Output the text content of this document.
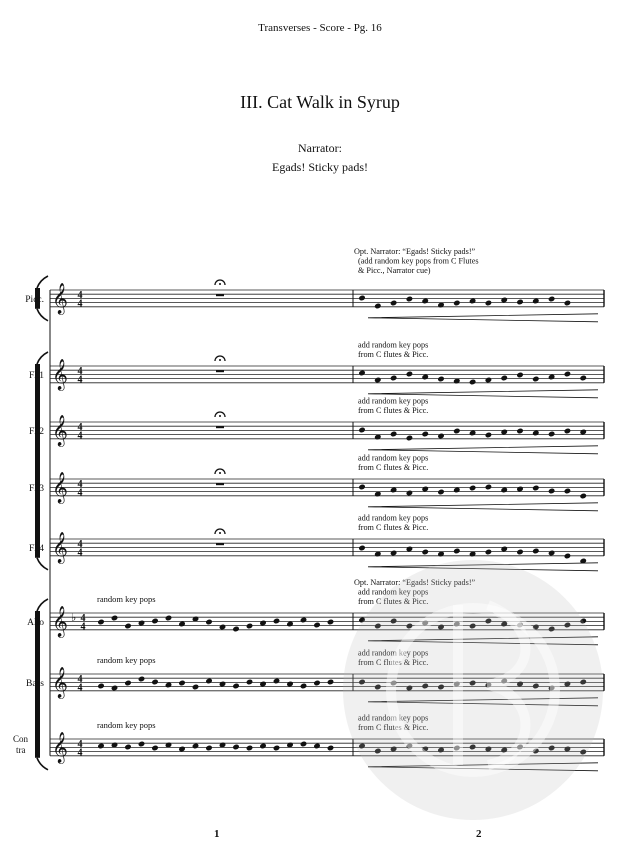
Transverses - Score - Pg. 16
III. Cat Walk in Syrup
Narrator:
Egads! Sticky pads!
Picc. 𝄞 4
4
Opt. Narrator: “Egads! Sticky pads!”
(add random key pops from C Flutes
& Picc., Narrator cue)
Fl.1 𝄞 4
4
add random key pops
from C flutes & Picc.
Fl.2 𝄞 4
4
add random key pops
from C flutes & Picc.
Fl.3 𝄞 4
4
add random key pops
from C flutes & Picc.
Fl.4 𝄞 4
4
add random key pops
from C flutes & Picc.
Alto 𝄞 ♭ 4
4
random key pops
Opt. Narrator: “Egads! Sticky pads!”
add random key pops
from C flutes & Picc.
Bass 𝄞 4
4
random key pops
add random key pops
from C flutes & Picc.
Con
tra 𝄞 4
4
random key pops
add random key pops
from C flutes & Picc.
1	2
